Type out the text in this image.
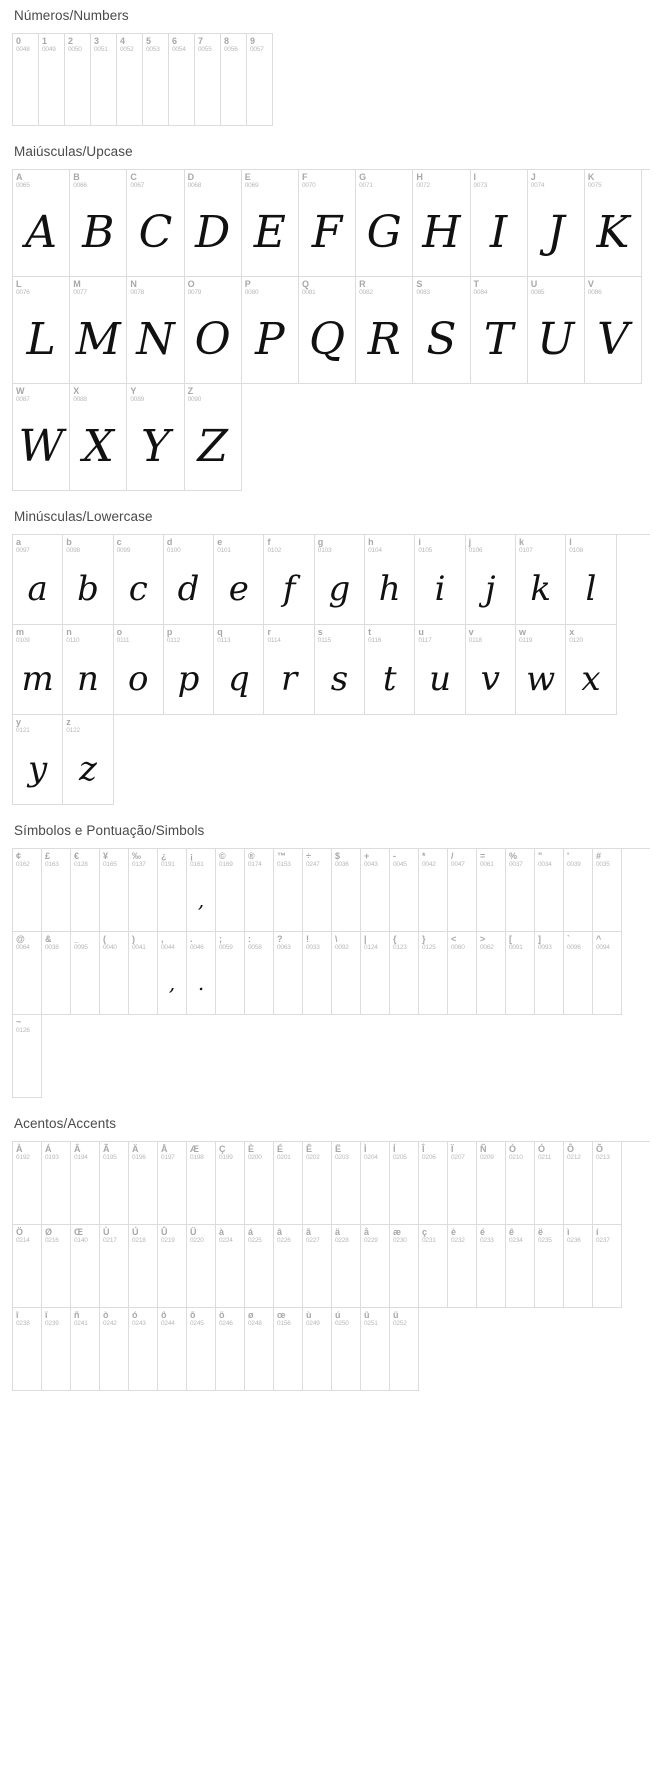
Números/Numbers
0
0048
1
0049
2
0050
3
0051
4
0052
5
0053
6
0054
7
0055
8
0056
9
0057
Maiúsculas/Upcase
A
0065
A
B
0066
B
C
0067
C
D
0068
D
E
0069
E
F
0070
F
G
0071
G
H
0072
H
I
0073
I
J
0074
J
K
0075
K
L
0076
L
M
0077
M
N
0078
N
O
0079
O
P
0080
P
Q
0081
Q
R
0082
R
S
0083
S
T
0084
T
U
0085
U
V
0086
V
W
0087
W
X
0088
X
Y
0089
Y
Z
0090
Z
Minúsculas/Lowercase
a
0097
a
b
0098
b
c
0099
c
d
0100
d
e
0101
e
f
0102
f
g
0103
g
h
0104
h
i
0105
i
j
0106
j
k
0107
k
l
0108
l
m
0109
m
n
0110
n
o
0111
o
p
0112
p
q
0113
q
r
0114
r
s
0115
s
t
0116
t
u
0117
u
v
0118
v
w
0119
w
x
0120
x
y
0121
y
z
0122
z
Símbolos e Pontuação/Simbols
¢
0162
£
0163
€
0128
¥
0165
‰
0137
¿
0191
¡
0161
,
©
0169
®
0174
™
0153
÷
0247
$
0036
+
0043
-
0045
*
0042
/
0047
=
0061
%
0037
"
0034
'
0039
#
0035
@
0064
&
0038
_
0095
(
0040
)
0041
,
0044
,
.
0046
.
;
0059
:
0058
?
0063
!
0033
\
0092
|
0124
{
0123
}
0125
<
0060
>
0062
[
0091
]
0093
`
0096
^
0094
~
0126
Acentos/Accents
À
0192
Á
0193
Â
0194
Ã
0195
Ä
0196
Å
0197
Æ
0198
Ç
0199
È
0200
É
0201
Ê
0202
Ë
0203
Ì
0204
Í
0205
Î
0206
Ï
0207
Ñ
0209
Ò
0210
Ó
0211
Ô
0212
Õ
0213
Ö
0214
Ø
0216
Œ
0140
Ù
0217
Ú
0218
Û
0219
Ü
0220
à
0224
á
0225
â
0226
ã
0227
ä
0228
å
0229
æ
0230
ç
0231
è
0232
é
0233
ê
0234
ë
0235
ì
0236
í
0237
î
0238
ï
0239
ñ
0241
ò
0242
ó
0243
ô
0244
õ
0245
ö
0246
ø
0248
œ
0156
ù
0249
ú
0250
û
0251
ü
0252
